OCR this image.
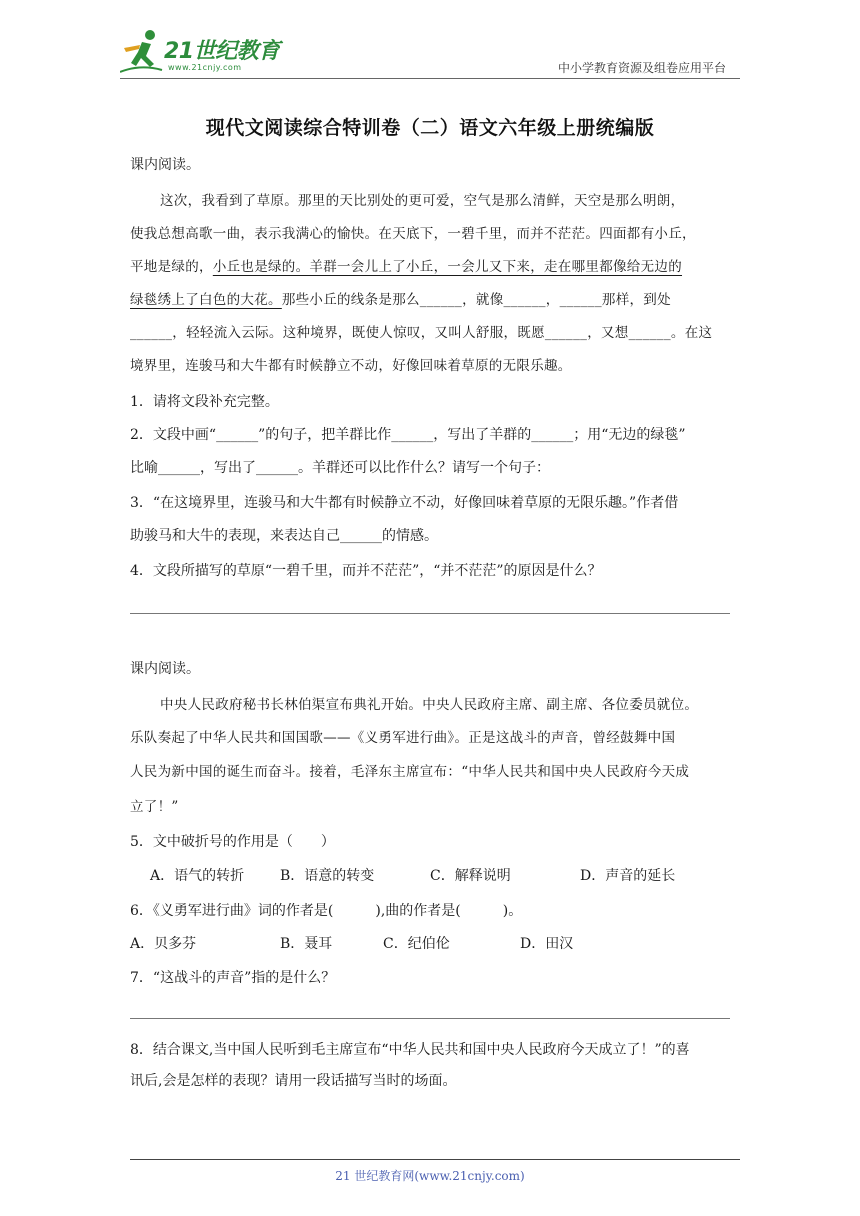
21世纪教育
www.21cnjy.com	中小学教育资源及组卷应用平台
现代文阅读综合特训卷（二）语文六年级上册统编版
课内阅读。
这次，我看到了草原。那里的天比别处的更可爱，空气是那么清鲜，天空是那么明朗，
使我总想高歌一曲，表示我满心的愉快。在天底下，一碧千里，而并不茫茫。四面都有小丘，
平地是绿的，小丘也是绿的。羊群一会儿上了小丘，一会儿又下来，走在哪里都像给无边的
绿毯绣上了白色的大花。那些小丘的线条是那么______，就像______，______那样，到处
______，轻轻流入云际。这种境界，既使人惊叹，又叫人舒服，既愿______，又想______。在这
境界里，连骏马和大牛都有时候静立不动，好像回味着草原的无限乐趣。
1．请将文段补充完整。
2．文段中画“______”的句子，把羊群比作______，写出了羊群的______；用“无边的绿毯”
比喻______，写出了______。羊群还可以比作什么？请写一个句子：
3．“在这境界里，连骏马和大牛都有时候静立不动，好像回味着草原的无限乐趣。”作者借
助骏马和大牛的表现，来表达自己______的情感。
4．文段所描写的草原“一碧千里，而并不茫茫”，“并不茫茫”的原因是什么？
课内阅读。
中央人民政府秘书长林伯渠宣布典礼开始。中央人民政府主席、副主席、各位委员就位。
乐队奏起了中华人民共和国国歌——《义勇军进行曲》。正是这战斗的声音，曾经鼓舞中国
人民为新中国的诞生而奋斗。接着，毛泽东主席宣布：“中华人民共和国中央人民政府今天成
立了！”
5．文中破折号的作用是（　　）
A．语气的转折	B．语意的转变	C．解释说明	D．声音的延长
6．《义勇军进行曲》词的作者是(　　　),曲的作者是(　　　)。
A．贝多芬	B．聂耳	C．纪伯伦	D．田汉
7．“这战斗的声音”指的是什么？
8．结合课文,当中国人民听到毛主席宣布“中华人民共和国中央人民政府今天成立了！”的喜
讯后,会是怎样的表现？请用一段话描写当时的场面。
21 世纪教育网(www.21cnjy.com)
